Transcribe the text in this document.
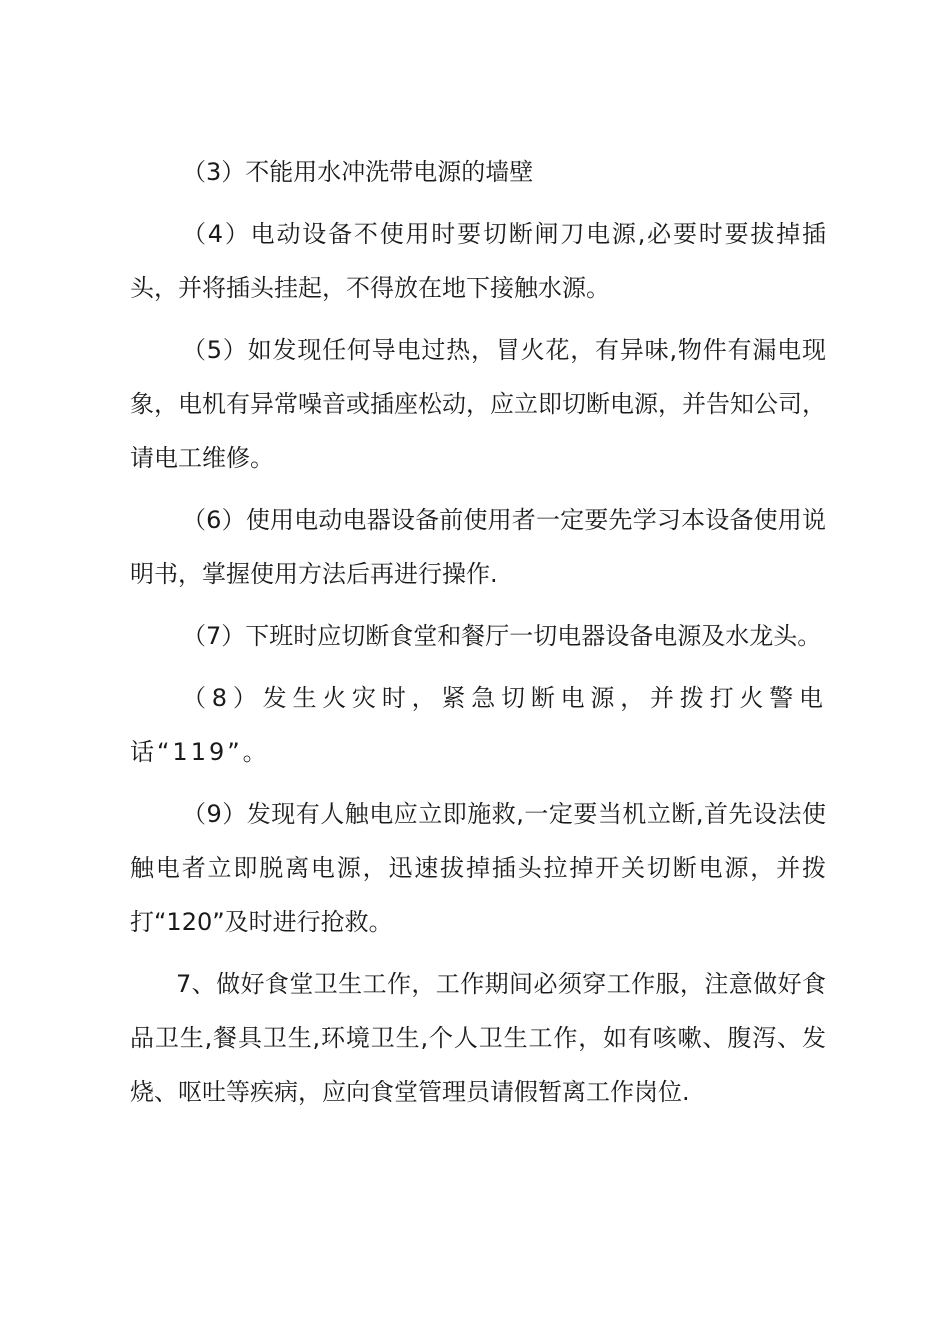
（3）不能用水冲洗带电源的墙壁

（4）电动设备不使用时要切断闸刀电源,必要时要拔掉插头，并将插头挂起，不得放在地下接触水源。

（5）如发现任何导电过热，冒火花，有异味,物件有漏电现象，电机有异常噪音或插座松动，应立即切断电源，并告知公司，请电工维修。

（6）使用电动电器设备前使用者一定要先学习本设备使用说明书，掌握使用方法后再进行操作.

（7）下班时应切断食堂和餐厅一切电器设备电源及水龙头。

（8）发生火灾时，紧急切断电源，并拨打火警电话“119”。

（9）发现有人触电应立即施救,一定要当机立断,首先设法使触电者立即脱离电源，迅速拔掉插头拉掉开关切断电源，并拨打“120”及时进行抢救。

7、做好食堂卫生工作，工作期间必须穿工作服，注意做好食品卫生,餐具卫生,环境卫生,个人卫生工作，如有咳嗽、腹泻、发烧、呕吐等疾病，应向食堂管理员请假暂离工作岗位.
